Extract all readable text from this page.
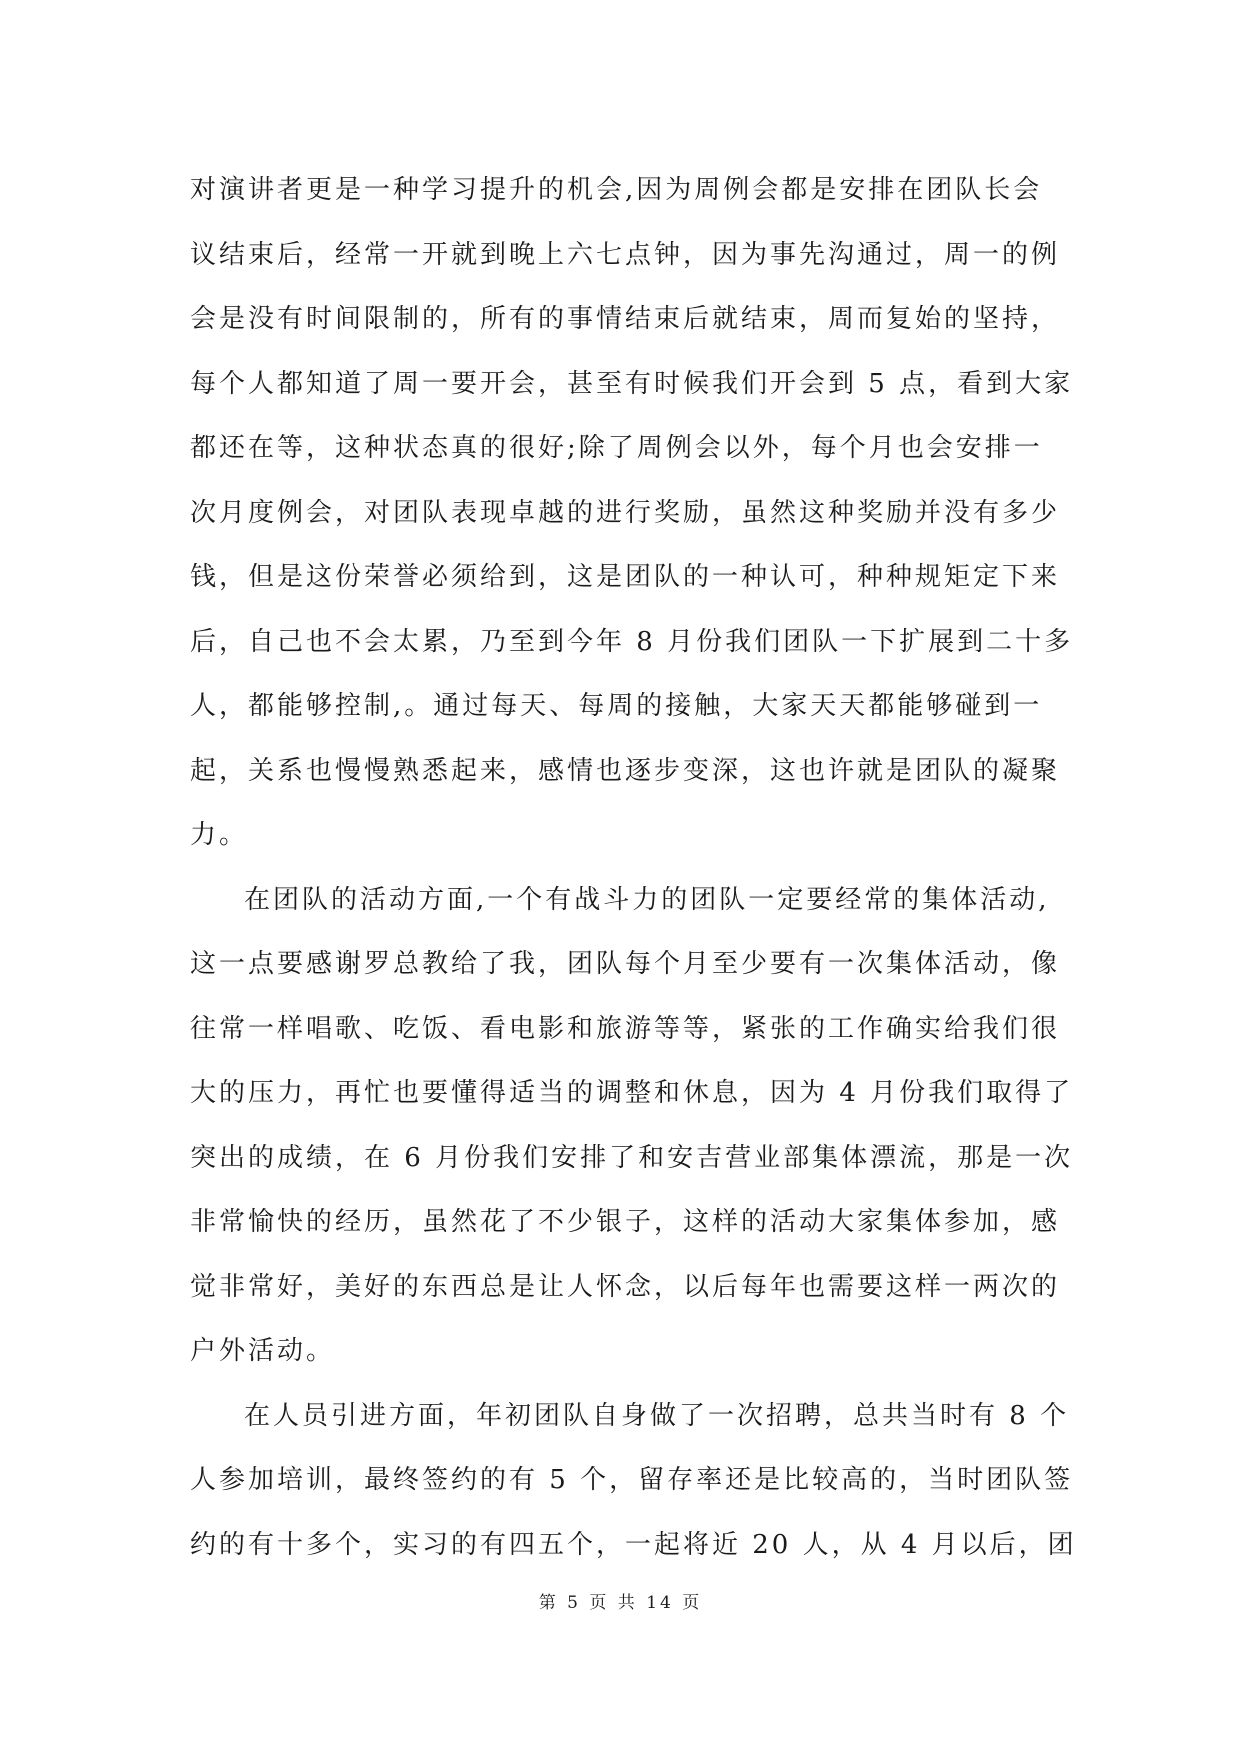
对演讲者更是一种学习提升的机会,因为周例会都是安排在团队长会
议结束后，经常一开就到晚上六七点钟，因为事先沟通过，周一的例
会是没有时间限制的，所有的事情结束后就结束，周而复始的坚持，
每个人都知道了周一要开会，甚至有时候我们开会到 5 点，看到大家
都还在等，这种状态真的很好;除了周例会以外，每个月也会安排一
次月度例会，对团队表现卓越的进行奖励，虽然这种奖励并没有多少
钱，但是这份荣誉必须给到，这是团队的一种认可，种种规矩定下来
后，自己也不会太累，乃至到今年 8 月份我们团队一下扩展到二十多
人，都能够控制,。通过每天、每周的接触，大家天天都能够碰到一
起，关系也慢慢熟悉起来，感情也逐步变深，这也许就是团队的凝聚
力。
在团队的活动方面,一个有战斗力的团队一定要经常的集体活动,
这一点要感谢罗总教给了我，团队每个月至少要有一次集体活动，像
往常一样唱歌、吃饭、看电影和旅游等等，紧张的工作确实给我们很
大的压力，再忙也要懂得适当的调整和休息，因为 4 月份我们取得了
突出的成绩，在 6 月份我们安排了和安吉营业部集体漂流，那是一次
非常愉快的经历，虽然花了不少银子，这样的活动大家集体参加，感
觉非常好，美好的东西总是让人怀念，以后每年也需要这样一两次的
户外活动。
在人员引进方面，年初团队自身做了一次招聘，总共当时有 8 个
人参加培训，最终签约的有 5 个，留存率还是比较高的，当时团队签
约的有十多个，实习的有四五个，一起将近 20 人，从 4 月以后，团
第 5 页 共 14 页
